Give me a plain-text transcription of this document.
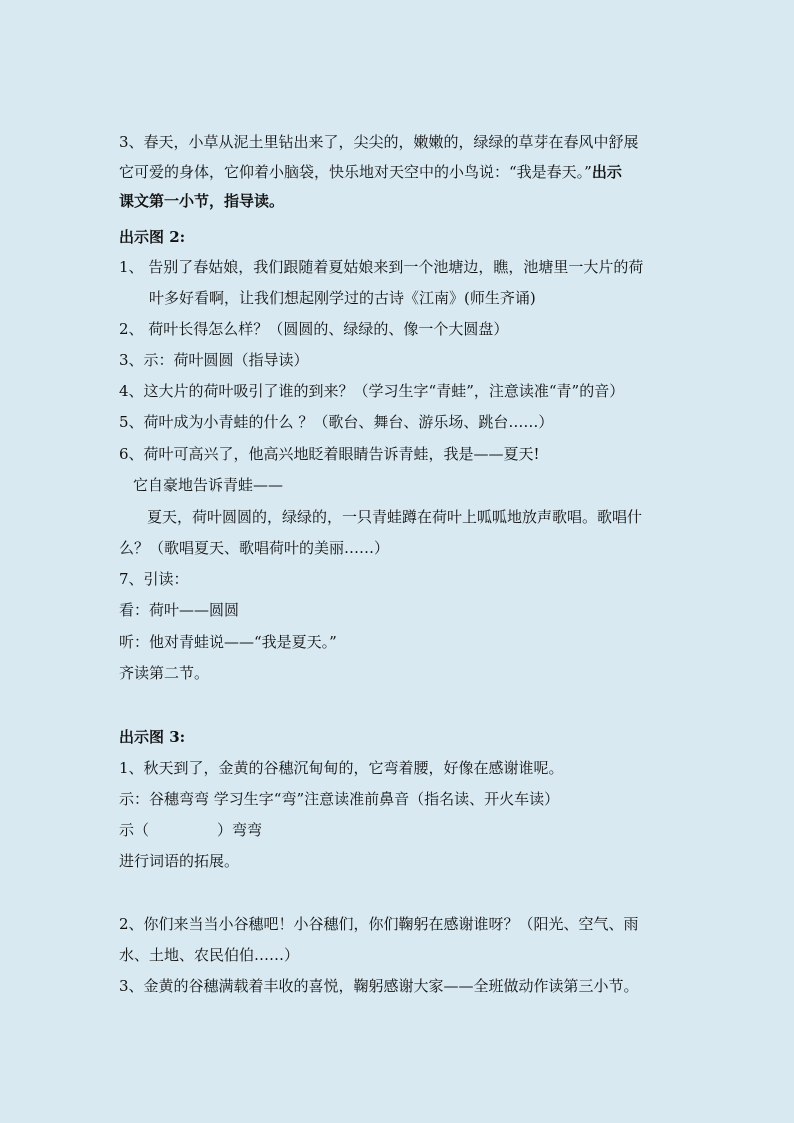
3、春天，小草从泥土里钻出来了，尖尖的，嫩嫩的，绿绿的草芽在春风中舒展
它可爱的身体，它仰着小脑袋，快乐地对天空中的小鸟说：“我是春天。”出示
课文第一小节，指导读。
出示图 2:
1、 告别了春姑娘，我们跟随着夏姑娘来到一个池塘边，瞧，池塘里一大片的荷
叶多好看啊，让我们想起刚学过的古诗《江南》(师生齐诵)
2、 荷叶长得怎么样？（圆圆的、绿绿的、像一个大圆盘）
3、示：荷叶圆圆（指导读）
4、这大片的荷叶吸引了谁的到来？（学习生字“青蛙”，注意读准“青”的音）
5、荷叶成为小青蛙的什么 ？（歌台、舞台、游乐场、跳台……）
6、荷叶可高兴了，他高兴地眨着眼睛告诉青蛙，我是——夏天!
它自豪地告诉青蛙——
夏天，荷叶圆圆的，绿绿的，一只青蛙蹲在荷叶上呱呱地放声歌唱。歌唱什
么？（歌唱夏天、歌唱荷叶的美丽……）
7、引读：
看：荷叶——圆圆
听：他对青蛙说——“我是夏天。”
齐读第二节。
出示图 3:
1、秋天到了，金黄的谷穗沉甸甸的，它弯着腰，好像在感谢谁呢。
示：谷穗弯弯 学习生字“弯”注意读准前鼻音（指名读、开火车读）
示（	）弯弯
进行词语的拓展。
2、你们来当当小谷穗吧！小谷穗们，你们鞠躬在感谢谁呀？（阳光、空气、雨
水、土地、农民伯伯……）
3、金黄的谷穗满载着丰收的喜悦，鞠躬感谢大家——全班做动作读第三小节。
